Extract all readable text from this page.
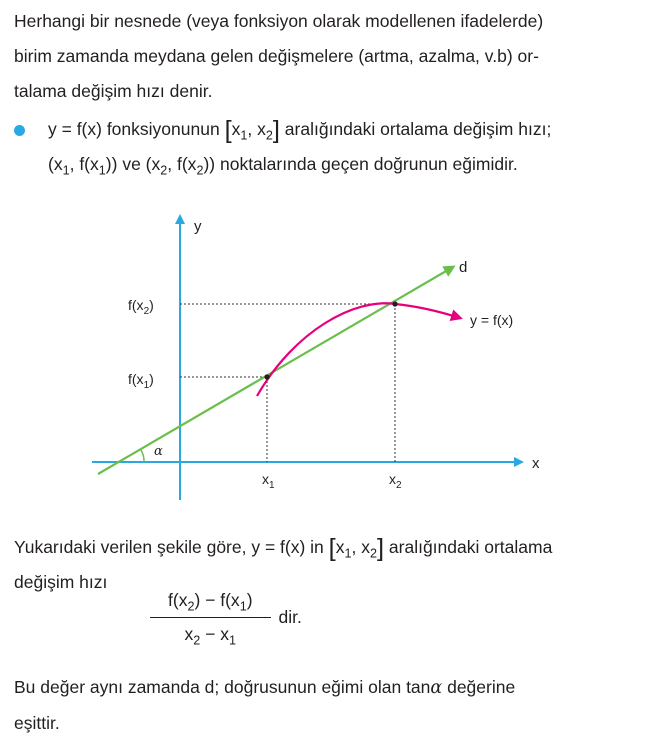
Herhangi bir nesnede (veya fonksiyon olarak modellenen ifadelerde)
birim zamanda meydana gelen değişmelere (artma, azalma, v.b) or-
talama değişim hızı denir.
y = f(x) fonksiyonunun [$x_1$, $x_2$] aralığındaki ortalama değişim hızı;
($x_1$, $f(x_1)$) ve ($x_2$, $f(x_2)$) noktalarında geçen doğrunun eğimidir.
y
x
d
y = f(x)
α
$f(x_2)$
$f(x_1)$
$x_1$	$x_2$
Yukarıdaki verilen şekile göre, y = f(x) in [$x_1$, $x_2$] aralığındaki ortalama
değişim hızı
$\frac{f(x_2) - f(x_1)}{x_2 - x_1}$ dir.
Bu değer aynı zamanda d; doğrusunun eğimi olan tanα değerine
eşittir.
